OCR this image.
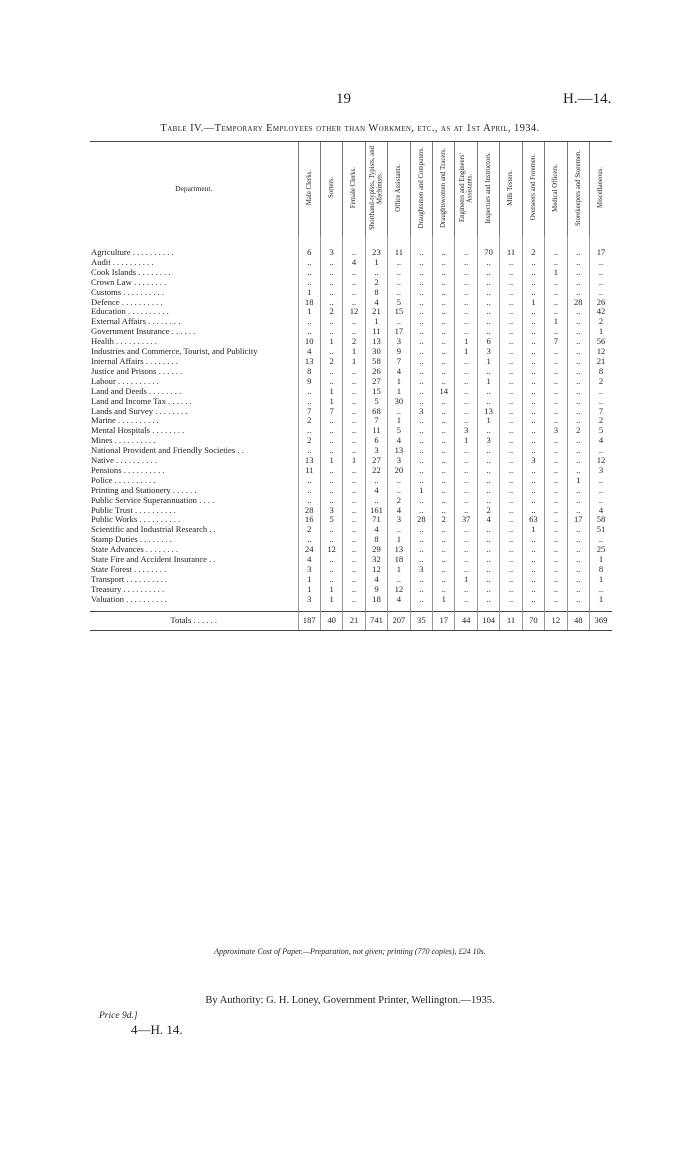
19	H.—14.
Table IV.—Temporary Employees other than Workmen, etc., as at 1st April, 1934.
Department.	Male Clerks.	Sorters.	Female Clerks.	Shorthand-typists, Typists, and Machinists.	Office Assistants.	Draughtsmen and Computers.	Draughtswomen and Tracers.	Engineers and Engineers' Assistants.	Inspectors and Instructors.	Milk Testers.	Overseers and Foremen.	Medical Officers.	Storekeepers and Storemen.	Miscellaneous.
Agriculture . . . . . . . . . .	6	3	..	23	11	..	..	..	70	11	2	..	..	17
Audit . . . . . . . . . .	..	..	4	1	..	..	..	..	..	..	..	..	..	..
Cook Islands . . . . . . . .	..	..	..	..	..	..	..	..	..	..	..	1	..	..
Crown Law . . . . . . . .	..	..	..	2	..	..	..	..	..	..	..	..	..	..
Customs . . . . . . . . . .	1	..	..	8	..	..	..	..	..	..	..	..	..	..
Defence . . . . . . . . . .	18	..	..	4	5	..	..	..	..	..	1	..	28	26
Education . . . . . . . . . .	1	2	12	21	15	..	..	..	..	..	..	..	..	42
External Affairs . . . . . . . .	..	..	..	1	..	..	..	..	..	..	..	1	..	2
Government Insurance . . . . . .	..	..	..	11	17	..	..	..	..	..	..	..	..	1
Health . . . . . . . . . .	10	1	2	13	3	..	..	1	6	..	..	7	..	56
Industries and Commerce, Tourist, and Publicity	4	..	1	30	9	..	..	1	3	..	..	..	..	12
Internal Affairs . . . . . . . .	13	2	1	58	7	..	..	..	1	..	..	..	..	21
Justice and Prisons . . . . . .	8	..	..	26	4	..	..	..	..	..	..	..	..	8
Labour . . . . . . . . . .	9	..	..	27	1	..	..	..	1	..	..	..	..	2
Land and Deeds . . . . . . . .	..	1	..	15	1	..	14	..	..	..	..	..	..	..
Land and Income Tax . . . . . .	..	1	..	5	30	..	..	..	..	..	..	..	..	..
Lands and Survey . . . . . . . .	7	7	..	68	..	3	..	..	13	..	..	..	..	7
Marine . . . . . . . . . .	2	..	..	7	1	..	..	..	1	..	..	..	..	2
Mental Hospitals . . . . . . . .	..	..	..	11	5	..	..	3	..	..	..	3	2	5
Mines . . . . . . . . . .	2	..	..	6	4	..	..	1	3	..	..	..	..	4
National Provident and Friendly Societies . .	..	..	..	3	13	..	..	..	..	..	..	..	..	..
Native . . . . . . . . . .	13	1	1	27	3	..	..	..	..	..	3	..	..	12
Pensions . . . . . . . . . .	11	..	..	22	20	..	..	..	..	..	..	..	..	3
Police . . . . . . . . . .	..	..	..	..	..	..	..	..	..	..	..	..	1	..
Printing and Stationery . . . . . .	..	..	..	4	..	1	..	..	..	..	..	..	..	..
Public Service Superannuation . . . .	..	..	..	..	2	..	..	..	..	..	..	..	..	..
Public Trust . . . . . . . . . .	28	3	..	161	4	..	..	..	2	..	..	..	..	4
Public Works . . . . . . . . . .	16	5	..	71	3	28	2	37	4	..	63	..	17	58
Scientific and Industrial Research . .	2	..	..	4	..	..	..	..	..	..	1	..	..	51
Stamp Duties . . . . . . . .	..	..	..	8	1	..	..	..	..	..	..	..	..	..
State Advances . . . . . . . .	24	12	..	29	13	..	..	..	..	..	..	..	..	25
State Fire and Accident Insurance . .	4	..	..	32	18	..	..	..	..	..	..	..	..	1
State Forest . . . . . . . .	3	..	..	12	1	3	..	..	..	..	..	..	..	8
Transport . . . . . . . . . .	1	..	..	4	..	..	..	1	..	..	..	..	..	1
Treasury . . . . . . . . . .	1	1	..	9	12	..	..	..	..	..	..	..	..	..
Valuation . . . . . . . . . .	3	1	..	18	4	..	1	..	..	..	..	..	..	1
Totals . . . . . .	187	40	21	741	207	35	17	44	104	11	70	12	48	369
Approximate Cost of Paper.—Preparation, not given; printing (770 copies), £24 10s.
By Authority: G. H. Loney, Government Printer, Wellington.—1935.
Price 9d.]
4—H. 14.
